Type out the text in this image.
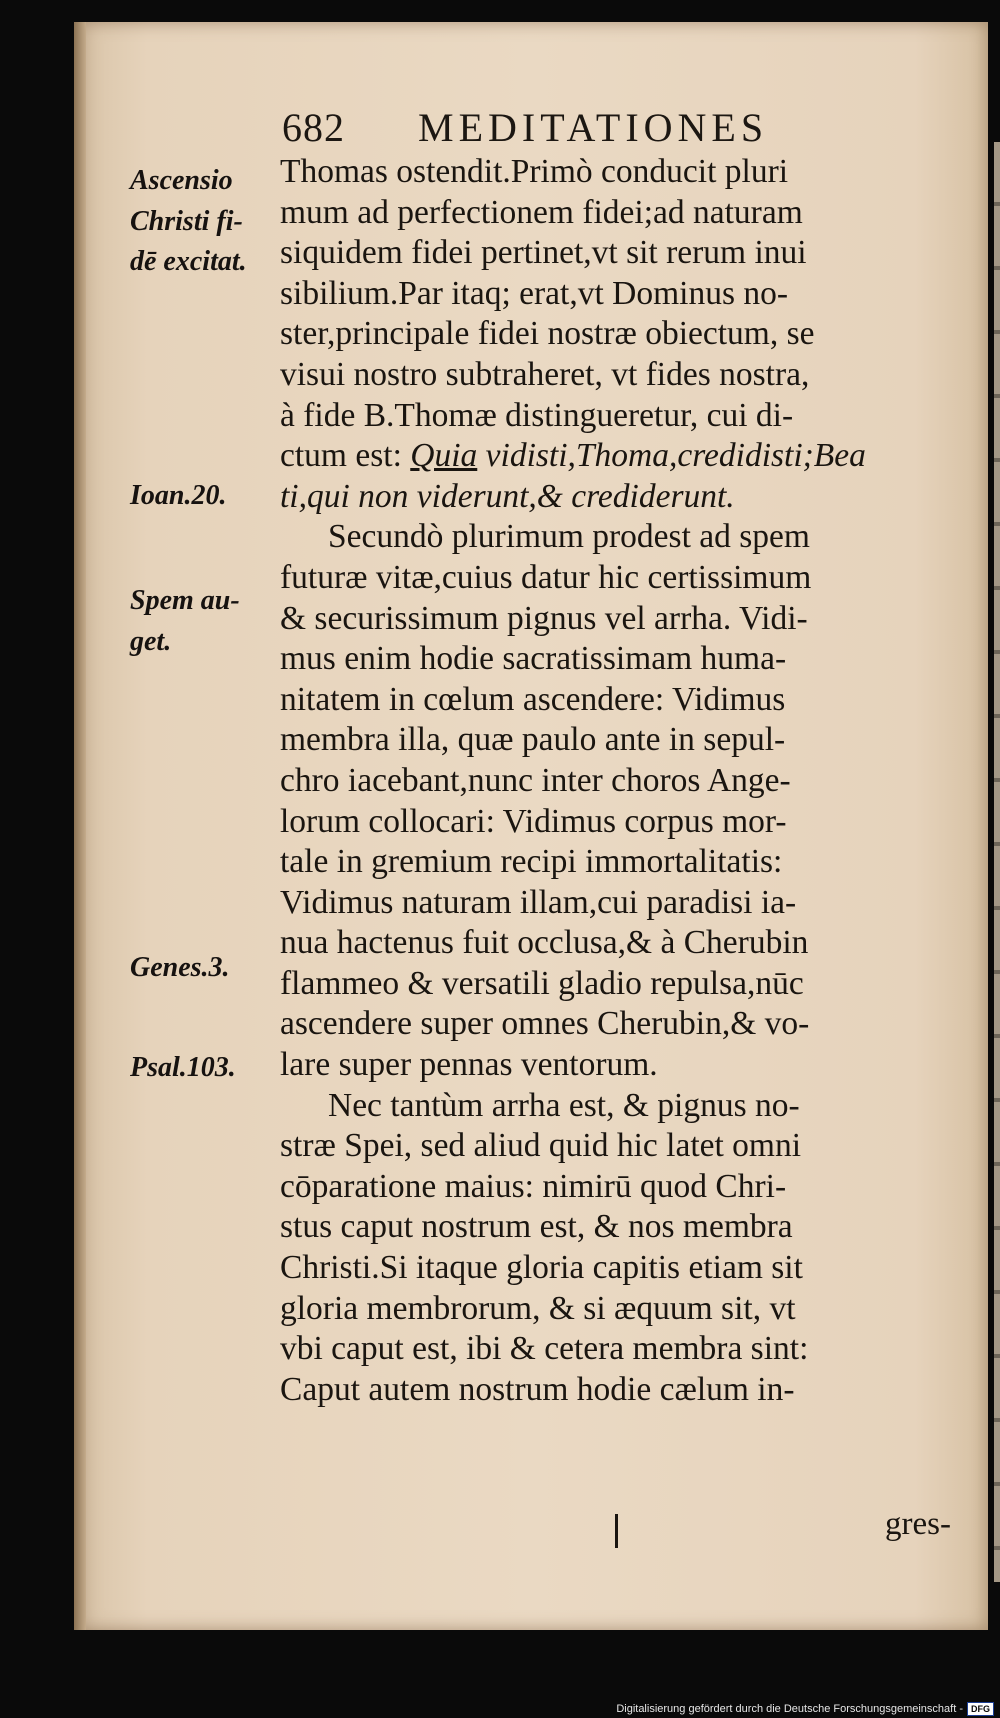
682 MEDITATIONES
Ascensio
Christi fi-
dē excitat.
Ioan.20.
Spem au-
get.
Genes.3.
Psal.103.
Thomas ostendit.Primò conducit pluri
mum ad perfectionem fidei;ad naturam
siquidem fidei pertinet,vt sit rerum inui
sibilium.Par itaq; erat,vt Dominus no-
ster,principale fidei nostræ obiectum, se
visui nostro subtraheret, vt fides nostra,
à fide B.Thomæ distingueretur, cui di-
ctum est: Quia vidisti,Thoma,credidisti;Bea
ti,qui non viderunt,& crediderunt.
Secundò plurimum prodest ad spem
futuræ vitæ,cuius datur hic certissimum
& securissimum pignus vel arrha. Vidi-
mus enim hodie sacratissimam huma-
nitatem in cœlum ascendere: Vidimus
membra illa, quæ paulo ante in sepul-
chro iacebant,nunc inter choros Ange-
lorum collocari: Vidimus corpus mor-
tale in gremium recipi immortalitatis:
Vidimus naturam illam,cui paradisi ia-
nua hactenus fuit occlusa,& à Cherubin
flammeo & versatili gladio repulsa,nūc
ascendere super omnes Cherubin,& vo-
lare super pennas ventorum.
Nec tantùm arrha est, & pignus no-
stræ Spei, sed aliud quid hic latet omni
cōparatione maius: nimirū quod Chri-
stus caput nostrum est, & nos membra
Christi.Si itaque gloria capitis etiam sit
gloria membrorum, & si æquum sit, vt
vbi caput est, ibi & cetera membra sint:
Caput autem nostrum hodie cælum in-
gres-
Digitalisierung gefördert durch die Deutsche Forschungsgemeinschaft - DFG
